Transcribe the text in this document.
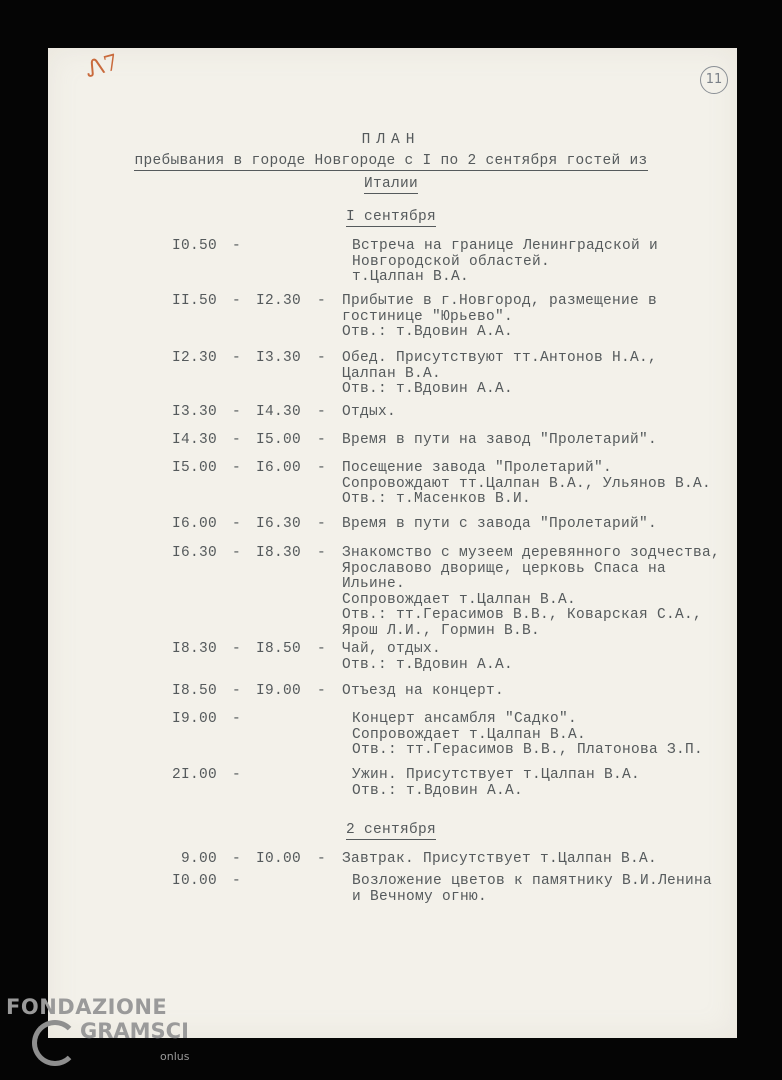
Ꮑ7	11
ПЛАН
пребывания в городе Новгороде с I по 2 сентября гостей из
Италии
I сентября
I0.50 -	Встреча на границе Ленинградской и
Новгородской областей.
т.Цалпан В.А.
II.50 - I2.30 - Прибытие в г.Новгород, размещение в
гостинице "Юрьево".
Отв.: т.Вдовин А.А.
I2.30 - I3.30 - Обед. Присутствуют тт.Антонов Н.А.,
Цалпан В.А.
Отв.: т.Вдовин А.А.
I3.30 - I4.30 - Отдых.
I4.30 - I5.00 - Время в пути на завод "Пролетарий".
I5.00 - I6.00 - Посещение завода "Пролетарий".
Сопровождают тт.Цалпан В.А., Ульянов В.А.
Отв.: т.Масенков В.И.
I6.00 - I6.30 - Время в пути с завода "Пролетарий".
I6.30 - I8.30 - Знакомство с музеем деревянного зодчества,
Ярославово дворище, церковь Спаса на
Ильине.
Сопровождает т.Цалпан В.А.
Отв.: тт.Герасимов В.В., Коварская С.А.,
Ярош Л.И., Гормин В.В.
I8.30 - I8.50 - Чай, отдых.
Отв.: т.Вдовин А.А.
I8.50 - I9.00 - Отъезд на концерт.
I9.00 -	Концерт ансамбля "Садко".
Сопровождает т.Цалпан В.А.
Отв.: тт.Герасимов В.В., Платонова З.П.
2I.00 -	Ужин. Присутствует т.Цалпан В.А.
Отв.: т.Вдовин А.А.
2 сентября
9.00 - I0.00 - Завтрак. Присутствует т.Цалпан В.А.
I0.00 -	Возложение цветов к памятнику В.И.Ленина
и Вечному огню.
FONDAZIONE
GRAMSCI
onlus
